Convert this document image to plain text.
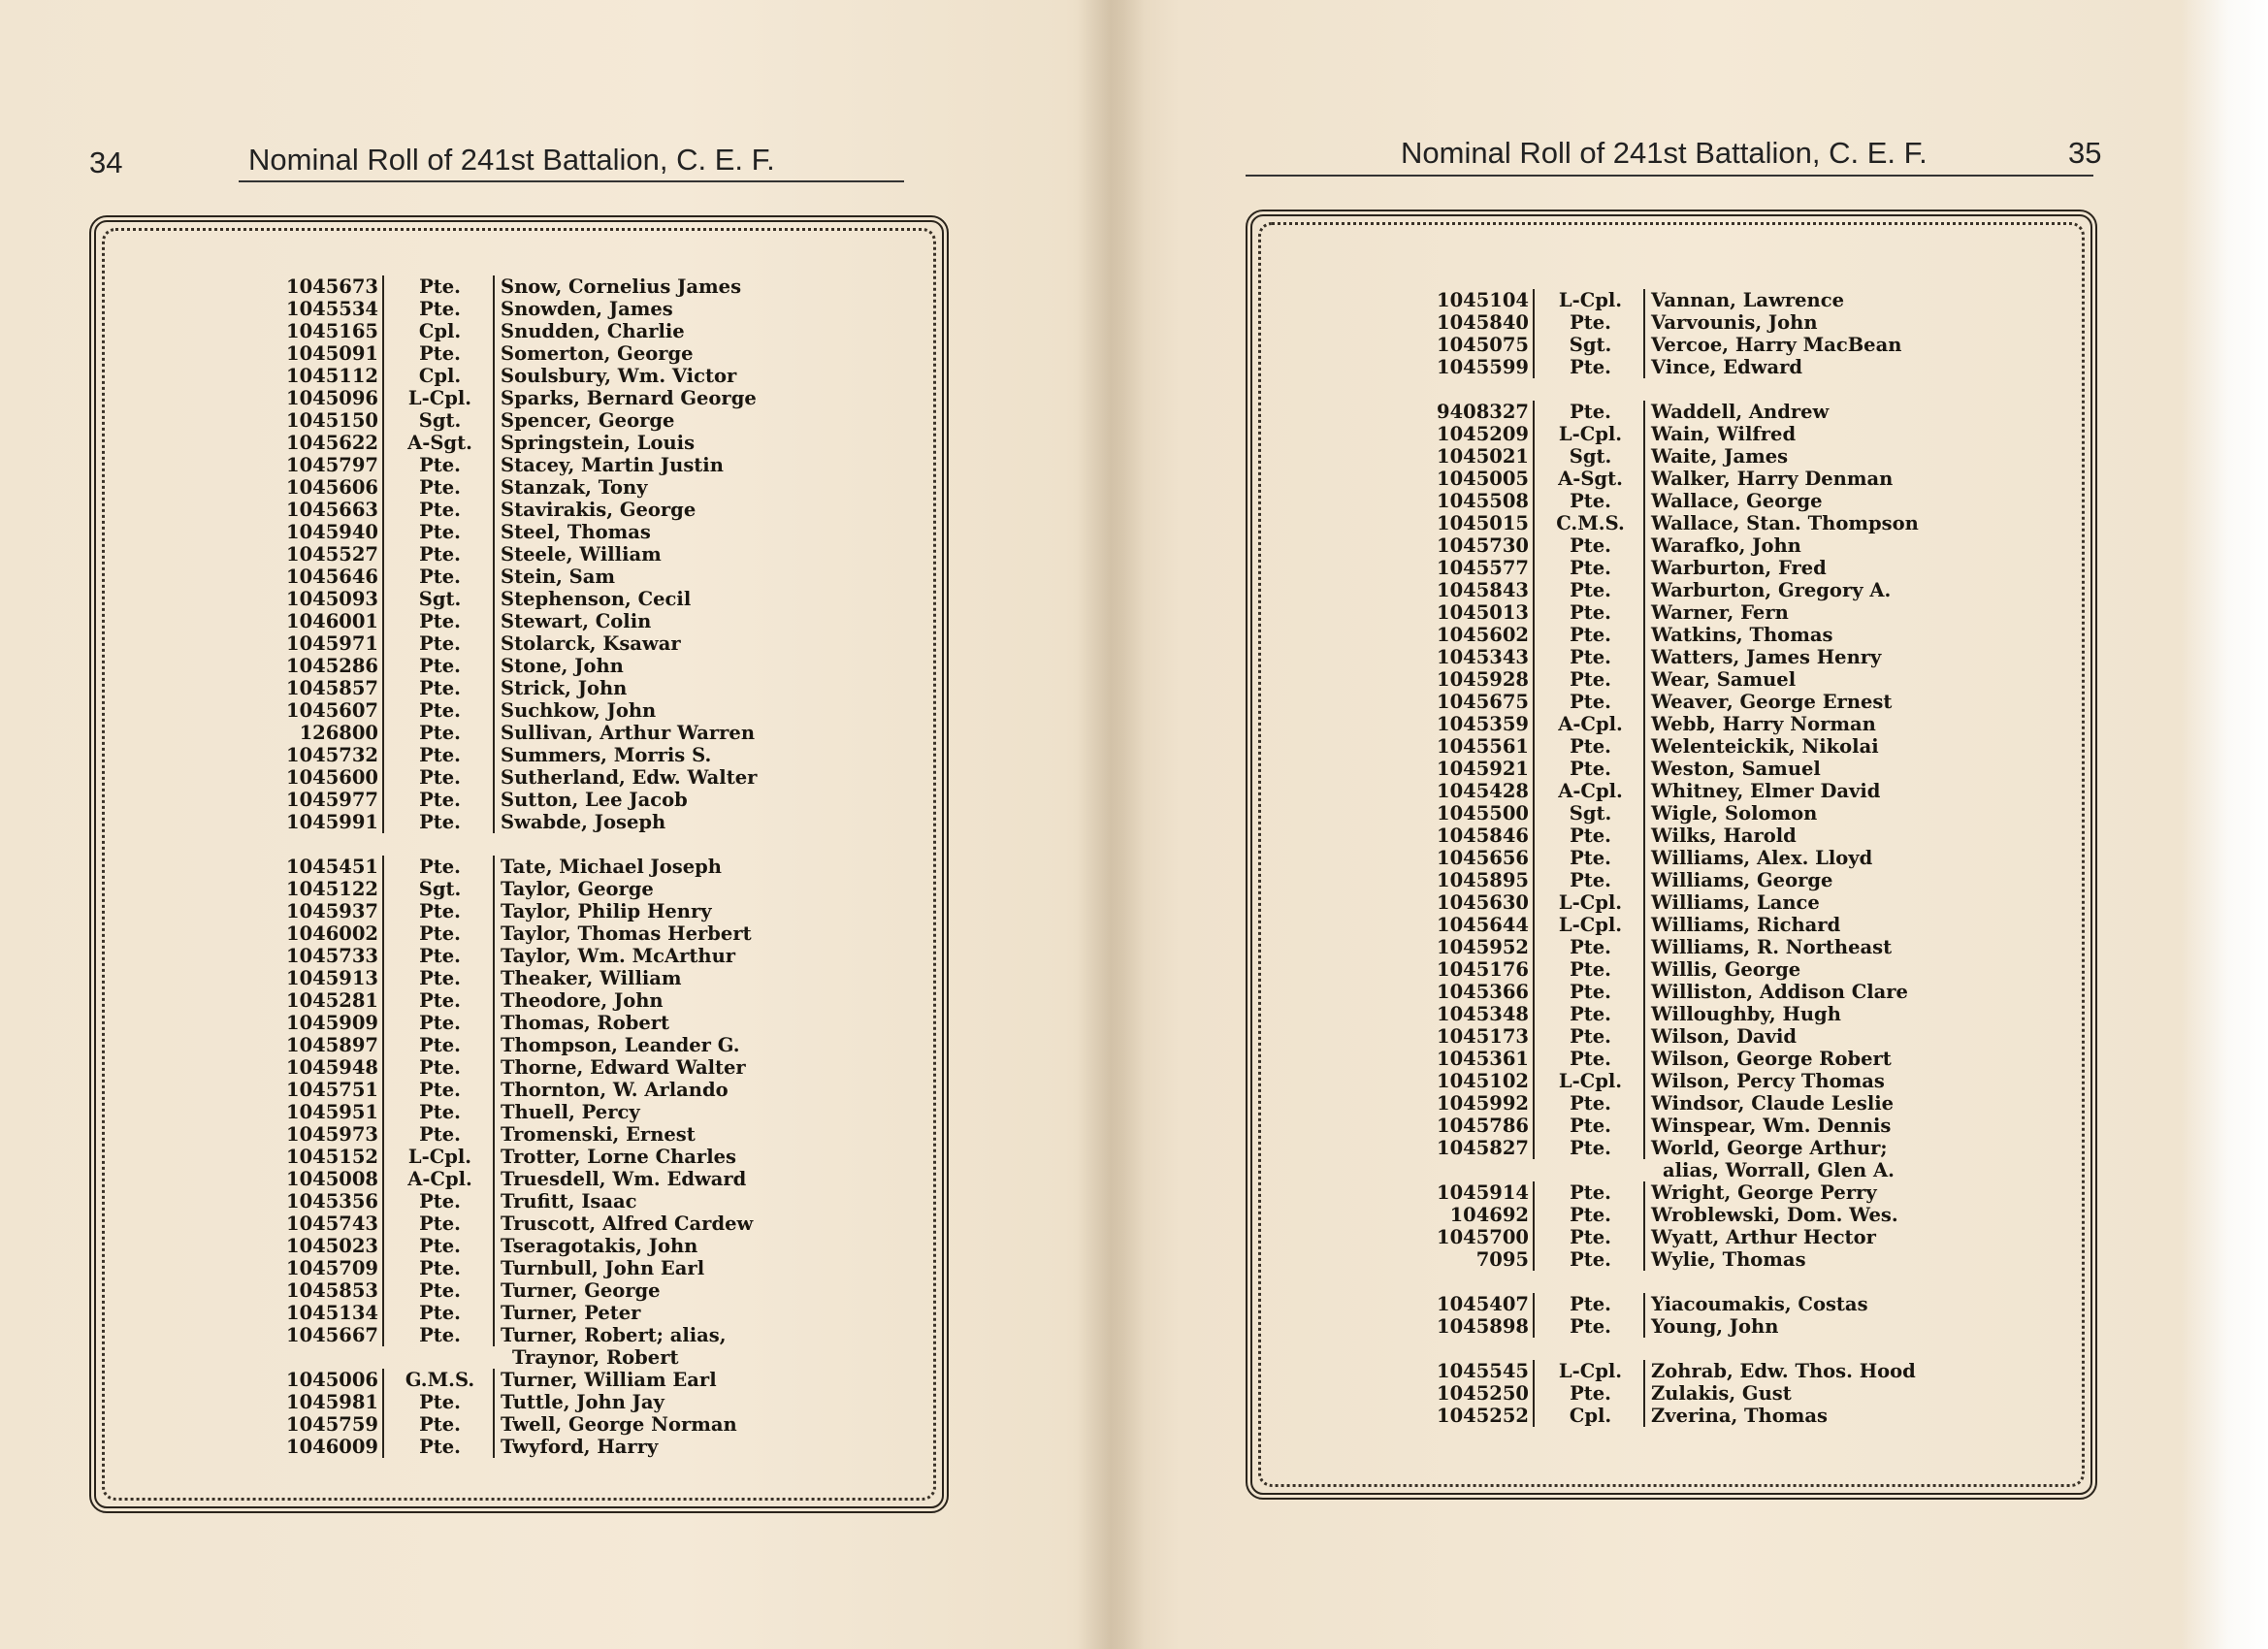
34	Nominal Roll of 241st Battalion, C. E. F.
1045673	Pte.	Snow, Cornelius James
1045534	Pte.	Snowden, James
1045165	Cpl.	Snudden, Charlie
1045091	Pte.	Somerton, George
1045112	Cpl.	Soulsbury, Wm. Victor
1045096	L-Cpl.	Sparks, Bernard George
1045150	Sgt.	Spencer, George
1045622	A-Sgt.	Springstein, Louis
1045797	Pte.	Stacey, Martin Justin
1045606	Pte.	Stanzak, Tony
1045663	Pte.	Stavirakis, George
1045940	Pte.	Steel, Thomas
1045527	Pte.	Steele, William
1045646	Pte.	Stein, Sam
1045093	Sgt.	Stephenson, Cecil
1046001	Pte.	Stewart, Colin
1045971	Pte.	Stolarck, Ksawar
1045286	Pte.	Stone, John
1045857	Pte.	Strick, John
1045607	Pte.	Suchkow, John
126800	Pte.	Sullivan, Arthur Warren
1045732	Pte.	Summers, Morris S.
1045600	Pte.	Sutherland, Edw. Walter
1045977	Pte.	Sutton, Lee Jacob
1045991	Pte.	Swabde, Joseph
1045451	Pte.	Tate, Michael Joseph
1045122	Sgt.	Taylor, George
1045937	Pte.	Taylor, Philip Henry
1046002	Pte.	Taylor, Thomas Herbert
1045733	Pte.	Taylor, Wm. McArthur
1045913	Pte.	Theaker, William
1045281	Pte.	Theodore, John
1045909	Pte.	Thomas, Robert
1045897	Pte.	Thompson, Leander G.
1045948	Pte.	Thorne, Edward Walter
1045751	Pte.	Thornton, W. Arlando
1045951	Pte.	Thuell, Percy
1045973	Pte.	Tromenski, Ernest
1045152	L-Cpl.	Trotter, Lorne Charles
1045008	A-Cpl.	Truesdell, Wm. Edward
1045356	Pte.	Trufitt, Isaac
1045743	Pte.	Truscott, Alfred Cardew
1045023	Pte.	Tseragotakis, John
1045709	Pte.	Turnbull, John Earl
1045853	Pte.	Turner, George
1045134	Pte.	Turner, Peter
1045667	Pte.	Turner, Robert; alias,
Traynor, Robert
1045006	G.M.S.	Turner, William Earl
1045981	Pte.	Tuttle, John Jay
1045759	Pte.	Twell, George Norman
1046009	Pte.	Twyford, Harry
Nominal Roll of 241st Battalion, C. E. F.	35
1045104	L-Cpl.	Vannan, Lawrence
1045840	Pte.	Varvounis, John
1045075	Sgt.	Vercoe, Harry MacBean
1045599	Pte.	Vince, Edward
9408327	Pte.	Waddell, Andrew
1045209	L-Cpl.	Wain, Wilfred
1045021	Sgt.	Waite, James
1045005	A-Sgt.	Walker, Harry Denman
1045508	Pte.	Wallace, George
1045015	C.M.S.	Wallace, Stan. Thompson
1045730	Pte.	Warafko, John
1045577	Pte.	Warburton, Fred
1045843	Pte.	Warburton, Gregory A.
1045013	Pte.	Warner, Fern
1045602	Pte.	Watkins, Thomas
1045343	Pte.	Watters, James Henry
1045928	Pte.	Wear, Samuel
1045675	Pte.	Weaver, George Ernest
1045359	A-Cpl.	Webb, Harry Norman
1045561	Pte.	Welenteickik, Nikolai
1045921	Pte.	Weston, Samuel
1045428	A-Cpl.	Whitney, Elmer David
1045500	Sgt.	Wigle, Solomon
1045846	Pte.	Wilks, Harold
1045656	Pte.	Williams, Alex. Lloyd
1045895	Pte.	Williams, George
1045630	L-Cpl.	Williams, Lance
1045644	L-Cpl.	Williams, Richard
1045952	Pte.	Williams, R. Northeast
1045176	Pte.	Willis, George
1045366	Pte.	Williston, Addison Clare
1045348	Pte.	Willoughby, Hugh
1045173	Pte.	Wilson, David
1045361	Pte.	Wilson, George Robert
1045102	L-Cpl.	Wilson, Percy Thomas
1045992	Pte.	Windsor, Claude Leslie
1045786	Pte.	Winspear, Wm. Dennis
1045827	Pte.	World, George Arthur;
alias, Worrall, Glen A.
1045914	Pte.	Wright, George Perry
104692	Pte.	Wroblewski, Dom. Wes.
1045700	Pte.	Wyatt, Arthur Hector
7095	Pte.	Wylie, Thomas
1045407	Pte.	Yiacoumakis, Costas
1045898	Pte.	Young, John
1045545	L-Cpl.	Zohrab, Edw. Thos. Hood
1045250	Pte.	Zulakis, Gust
1045252	Cpl.	Zverina, Thomas
